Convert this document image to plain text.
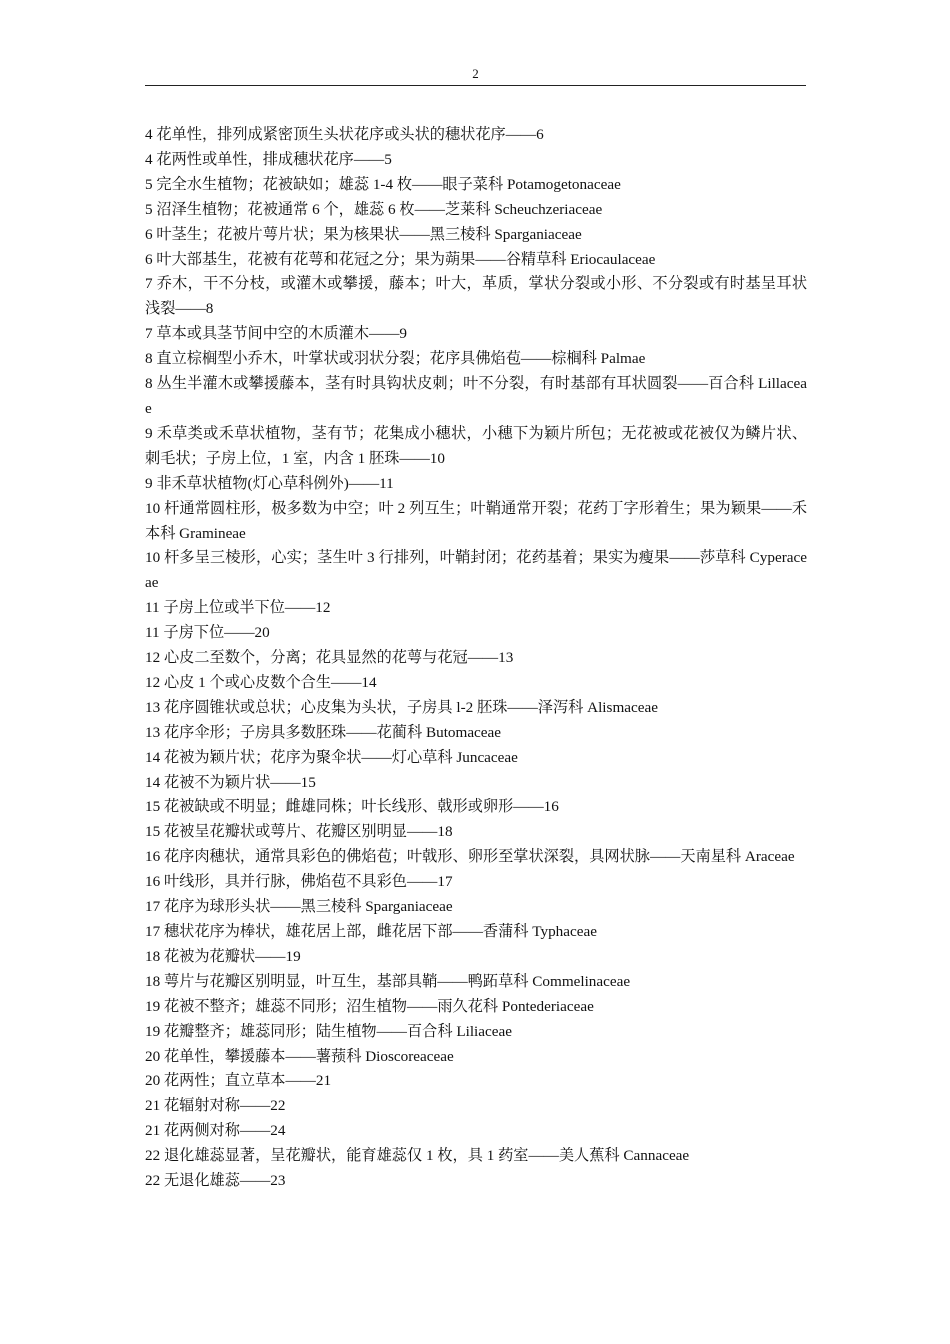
2

4 花单性，排列成紧密顶生头状花序或头状的穗状花序——6

4 花两性或单性，排成穗状花序——5

5 完全水生植物；花被缺如；雄蕊 1-4 枚——眼子菜科 Potamogetonaceae

5 沼泽生植物；花被通常 6 个，雄蕊 6 枚——芝莱科 Scheuchzeriaceae

6 叶茎生；花被片萼片状；果为核果状——黑三棱科 Sparganiaceae

6 叶大部基生，花被有花萼和花冠之分；果为蒴果——谷精草科 Eriocaulaceae

7 乔木，干不分枝，或灌木或攀援，藤本；叶大，革质，掌状分裂或小形、不分裂或有时基呈耳状浅裂——8

7 草本或具茎节间中空的木质灌木——9

8 直立棕榈型小乔木，叶掌状或羽状分裂；花序具佛焰苞——棕榈科 Palmae

8 丛生半灌木或攀援藤本，茎有时具钩状皮刺；叶不分裂，有时基部有耳状圆裂——百合科 Lillaceae

9 禾草类或禾草状植物，茎有节；花集成小穗状，小穗下为颖片所包；无花被或花被仅为鳞片状、刺毛状；子房上位，1 室，内含 1 胚珠——10

9 非禾草状植物(灯心草科例外)——11

10 杆通常圆柱形，极多数为中空；叶 2 列互生；叶鞘通常开裂；花药丁字形着生；果为颖果——禾本科 Gramineae

10 杆多呈三棱形，心实；茎生叶 3 行排列，叶鞘封闭；花药基着；果实为瘦果——莎草科 Cyperaceae

11 子房上位或半下位——12

11 子房下位——20

12 心皮二至数个，分离；花具显然的花萼与花冠——13

12 心皮 1 个或心皮数个合生——14

13 花序圆锥状或总状；心皮集为头状，子房具 l-2 胚珠——泽泻科 Alismaceae

13 花序伞形；子房具多数胚珠——花蔺科 Butomaceae

14 花被为颖片状；花序为聚伞状——灯心草科 Juncaceae

14 花被不为颖片状——15

15 花被缺或不明显；雌雄同株；叶长线形、戟形或卵形——16

15 花被呈花瓣状或萼片、花瓣区别明显——18

16 花序肉穗状，通常具彩色的佛焰苞；叶戟形、卵形至掌状深裂，具网状脉——天南星科 Araceae

16 叶线形，具并行脉，佛焰苞不具彩色——17

17 花序为球形头状——黑三棱科 Sparganiaceae

17 穗状花序为棒状，雄花居上部，雌花居下部——香蒲科 Typhaceae

18 花被为花瓣状——19

18 萼片与花瓣区别明显，叶互生，基部具鞘——鸭跖草科 Commelinaceae

19 花被不整齐；雄蕊不同形；沼生植物——雨久花科 Pontederiaceae

19 花瓣整齐；雄蕊同形；陆生植物——百合科 Liliaceae

20 花单性，攀援藤本——薯蓣科 Dioscoreaceae

20 花两性；直立草本——21

21 花辐射对称——22

21 花两侧对称——24

22 退化雄蕊显著，呈花瓣状，能育雄蕊仅 1 枚，具 1 药室——美人蕉科 Cannaceae

22 无退化雄蕊——23
